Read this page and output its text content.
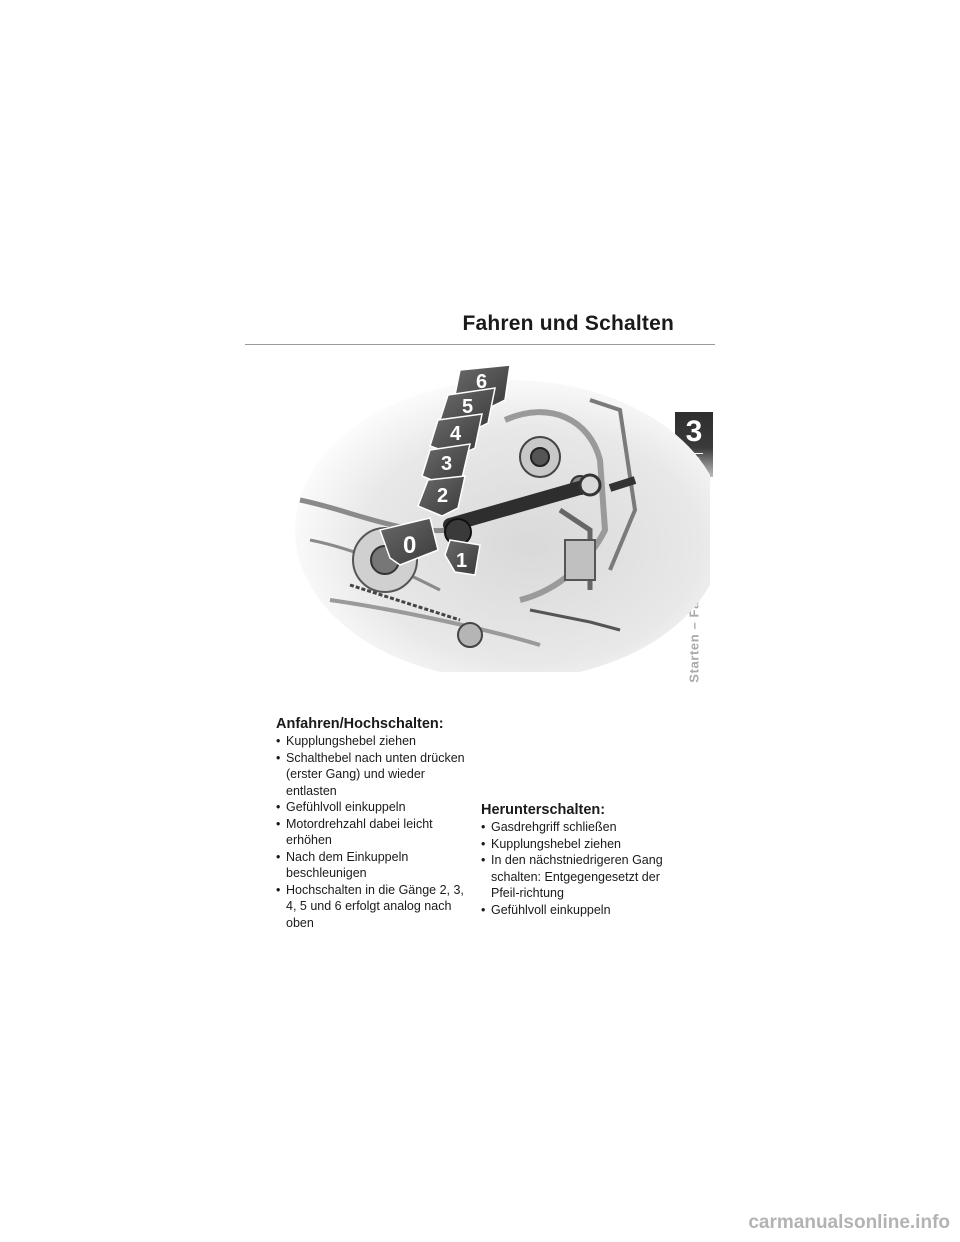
Fahren und Schalten
3
6
5
4
3
2
0
1
Anfahren/Hochschalten:
• Kupplungshebel ziehen
• Schalthebel nach unten drücken (erster Gang) und wieder entlasten
• Gefühlvoll einkuppeln
• Motordrehzahl dabei leicht erhöhen
• Nach dem Einkuppeln beschleunigen
• Hochschalten in die Gänge 2, 3, 4, 5 und 6 erfolgt analog nach oben
Herunterschalten:
• Gasdrehgriff schließen
• Kupplungshebel ziehen
• In den nächstniedrigeren Gang schalten: Entgegengesetzt der Pfeil-richtung
• Gefühlvoll einkuppeln
carmanualsonline.info
